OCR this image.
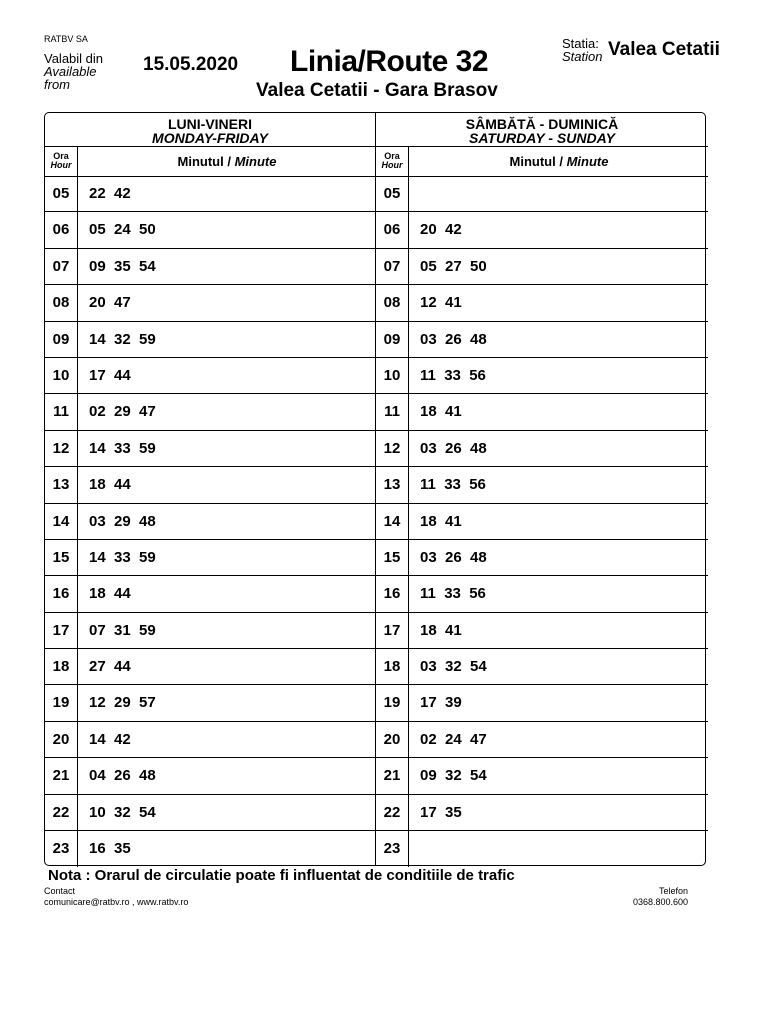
RATBV SA
Valabil din
Available
from
15.05.2020 Linia/Route 32
Valea Cetatii - Gara Brasov
Statia:
Station Valea Cetatii
LUNI-VINERI
MONDAY-FRIDAY
Ora
Hour	Minutul / Minute
05	22  42
06	05  24  50
07	09  35  54
08	20  47
09	14  32  59
10	17  44
11	02  29  47
12	14  33  59
13	18  44
14	03  29  48
15	14  33  59
16	18  44
17	07  31  59
18	27  44
19	12  29  57
20	14  42
21	04  26  48
22	10  32  54
23	16  35
SÂMBĂTĂ - DUMINICĂ
SATURDAY - SUNDAY
Ora
Hour	Minutul / Minute
05
06	20  42
07	05  27  50
08	12  41
09	03  26  48
10	11  33  56
11	18  41
12	03  26  48
13	11  33  56
14	18  41
15	03  26  48
16	11  33  56
17	18  41
18	03  32  54
19	17  39
20	02  24  47
21	09  32  54
22	17  35
23
Nota : Orarul de circulatie poate fi influentat de conditiile de trafic
Contact
comunicare@ratbv.ro , www.ratbv.ro
Telefon
0368.800.600
